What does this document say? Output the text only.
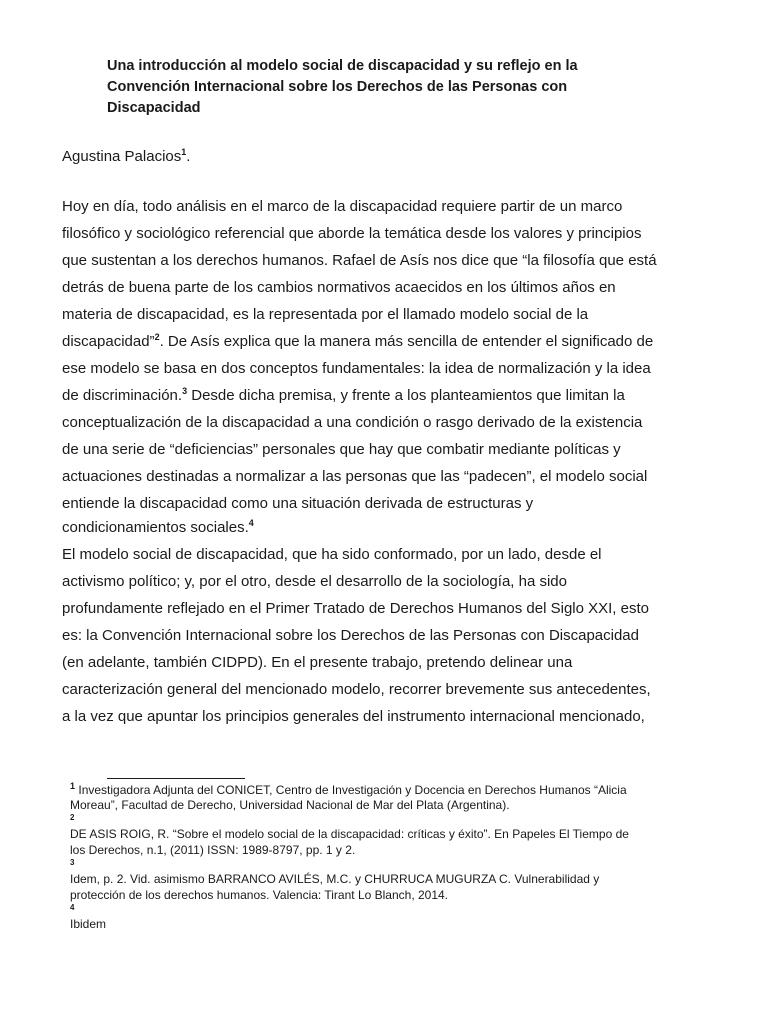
Una introducción al modelo social de discapacidad y su reflejo en la
Convención Internacional sobre los Derechos de las Personas con
Discapacidad

Agustina Palacios$^1$.

Hoy en día, todo análisis en el marco de la discapacidad requiere partir de un marco

filosófico y sociológico referencial que aborde la temática desde los valores y principios

que sustentan a los derechos humanos. Rafael de Asís nos dice que “la filosofía que está

detrás de buena parte de los cambios normativos acaecidos en los últimos años en

materia de discapacidad, es la representada por el llamado modelo social de la

discapacidad”$^2$. De Asís explica que la manera más sencilla de entender el significado de

ese modelo se basa en dos conceptos fundamentales: la idea de normalización y la idea

de discriminación.$^3$ Desde dicha premisa, y frente a los planteamientos que limitan la

conceptualización de la discapacidad a una condición o rasgo derivado de la existencia

de una serie de “deficiencias” personales que hay que combatir mediante políticas y

actuaciones destinadas a normalizar a las personas que las “padecen”, el modelo social

entiende la discapacidad como una situación derivada de estructuras y

condicionamientos sociales.$^4$

El modelo social de discapacidad, que ha sido conformado, por un lado, desde el

activismo político; y, por el otro, desde el desarrollo de la sociología, ha sido

profundamente reflejado en el Primer Tratado de Derechos Humanos del Siglo XXI, esto

es: la Convención Internacional sobre los Derechos de las Personas con Discapacidad

(en adelante, también CIDPD). En el presente trabajo, pretendo delinear una

caracterización general del mencionado modelo, recorrer brevemente sus antecedentes,

a la vez que apuntar los principios generales del instrumento internacional mencionado,

$^1$ Investigadora Adjunta del CONICET, Centro de Investigación y Docencia en Derechos Humanos “Alicia

Moreau”, Facultad de Derecho, Universidad Nacional de Mar del Plata (Argentina).

2

DE ASIS ROIG, R. “Sobre el modelo social de la discapacidad: críticas y éxito”. En Papeles El Tiempo de

los Derechos, n.1, (2011) ISSN: 1989-8797, pp. 1 y 2.

3

Idem, p. 2. Vid. asimismo BARRANCO AVILÉS, M.C. y CHURRUCA MUGURZA C. Vulnerabilidad y

protección de los derechos humanos. Valencia: Tirant Lo Blanch, 2014.

4

Ibidem
